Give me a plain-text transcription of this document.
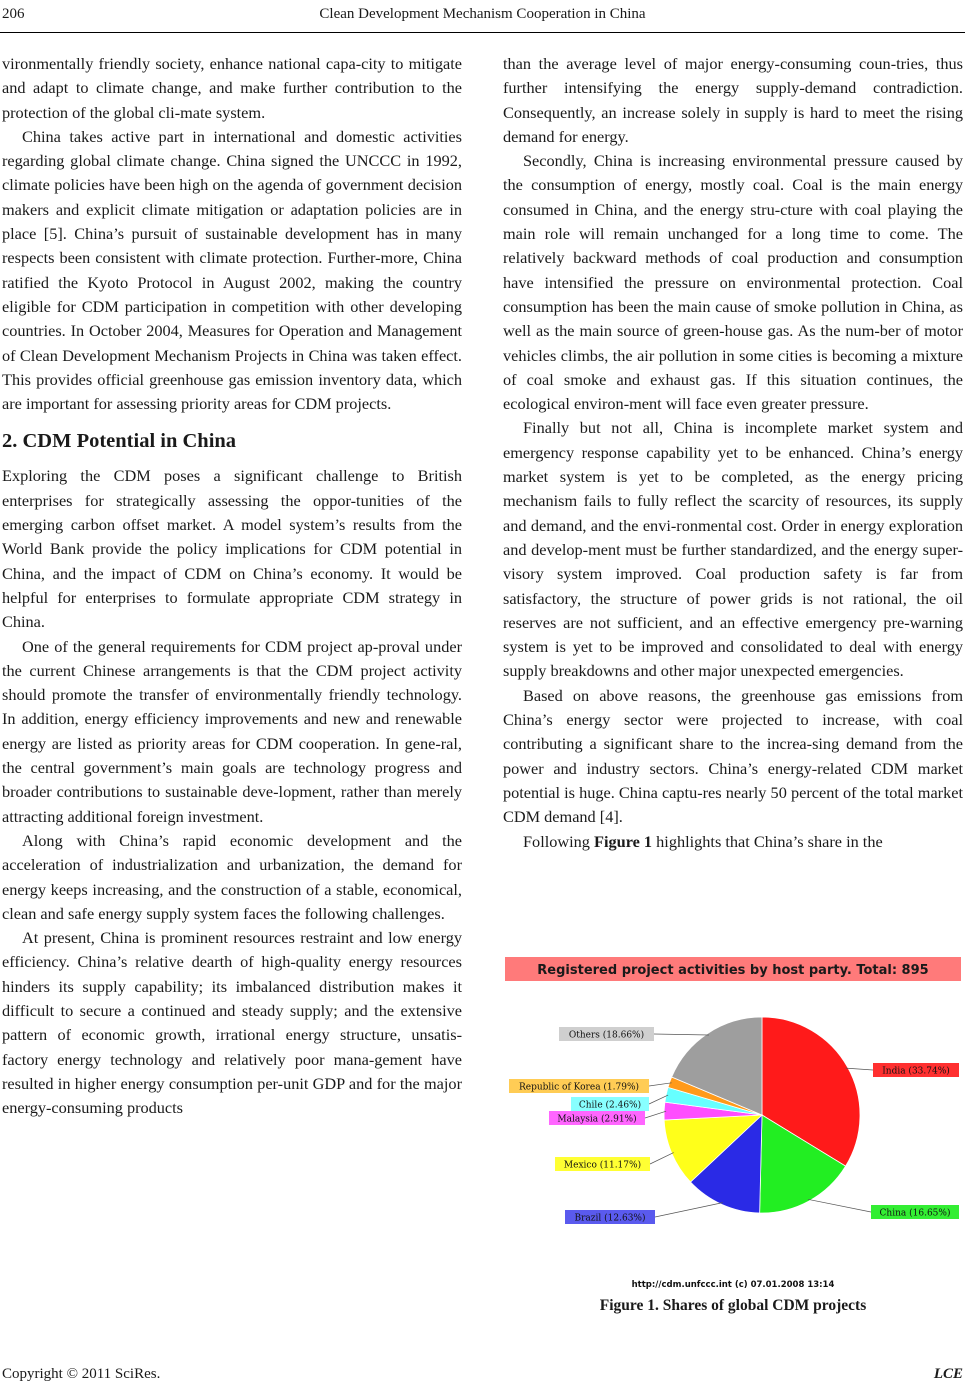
206	Clean Development Mechanism Cooperation in China

vironmentally friendly society, enhance national capa-city to mitigate and adapt to climate change, and make further contribution to the protection of the global cli-mate system.

China takes active part in international and domestic activities regarding global climate change. China signed the UNCCC in 1992, climate policies have been high on the agenda of government decision makers and explicit climate mitigation or adaptation policies are in place [5]. China’s pursuit of sustainable development has in many respects been consistent with climate protection. Further-more, China ratified the Kyoto Protocol in August 2002, making the country eligible for CDM participation in competition with other developing countries. In October 2004, Measures for Operation and Management of Clean Development Mechanism Projects in China was taken effect. This provides official greenhouse gas emission inventory data, which are important for assessing priority areas for CDM projects.

2. CDM Potential in China

Exploring the CDM poses a significant challenge to British enterprises for strategically assessing the oppor-tunities of the emerging carbon offset market. A model system’s results from the World Bank provide the policy implications for CDM potential in China, and the impact of CDM on China’s economy. It would be helpful for enterprises to formulate appropriate CDM strategy in China.

One of the general requirements for CDM project ap-proval under the current Chinese arrangements is that the CDM project activity should promote the transfer of environmentally friendly technology. In addition, energy efficiency improvements and new and renewable energy are listed as priority areas for CDM cooperation. In gene-ral, the central government’s main goals are technology progress and broader contributions to sustainable deve-lopment, rather than merely attracting additional foreign investment.

Along with China’s rapid economic development and the acceleration of industrialization and urbanization, the demand for energy keeps increasing, and the construction of a stable, economical, clean and safe energy supply system faces the following challenges.

At present, China is prominent resources restraint and low energy efficiency. China’s relative dearth of high-quality energy resources hinders its supply capability; its imbalanced distribution makes it difficult to secure a continued and steady supply; and the extensive pattern of economic growth, irrational energy structure, unsatis-factory energy technology and relatively poor mana-gement have resulted in higher energy consumption per-unit GDP and for the major energy-consuming products

than the average level of major energy-consuming coun-tries, thus further intensifying the energy supply-demand contradiction. Consequently, an increase solely in supply is hard to meet the rising demand for energy.

Secondly, China is increasing environmental pressure caused by the consumption of energy, mostly coal. Coal is the main energy consumed in China, and the energy stru-cture with coal playing the main role will remain unchanged for a long time to come. The relatively backward methods of coal production and consumption have intensified the pressure on environmental protection. Coal consumption has been the main cause of smoke pollution in China, as well as the main source of green-house gas. As the num-ber of motor vehicles climbs, the air pollution in some cities is becoming a mixture of coal smoke and exhaust gas. If this situation continues, the ecological environ-ment will face even greater pressure.

Finally but not all, China is incomplete market system and emergency response capability yet to be enhanced. China’s energy market system is yet to be completed, as the energy pricing mechanism fails to fully reflect the scarcity of resources, its supply and demand, and the envi-ronmental cost. Order in energy exploration and develop-ment must be further standardized, and the energy super-visory system improved. Coal production safety is far from satisfactory, the structure of power grids is not rational, the oil reserves are not sufficient, and an effective emergency pre-warning system is yet to be improved and consolidated to deal with energy supply breakdowns and other major unexpected emergencies.

Based on above reasons, the greenhouse gas emissions from China’s energy sector were projected to increase, with coal contributing a significant share to the increa-sing demand from the power and industry sectors. China’s energy-related CDM market potential is huge. China captu-res nearly 50 percent of the total market CDM demand [4].

Following Figure 1 highlights that China’s share in the

Registered project activities by host party. Total: 895
India (33.74%)
China (16.65%)
Brazil (12.63%)
Mexico (11.17%)
Malaysia (2.91%)
Chile (2.46%)
Republic of Korea (1.79%)
Others (18.66%)
http://cdm.unfccc.int (c) 07.01.2008 13:14
Figure 1. Shares of global CDM projects
Copyright © 2011 SciRes.	LCE
